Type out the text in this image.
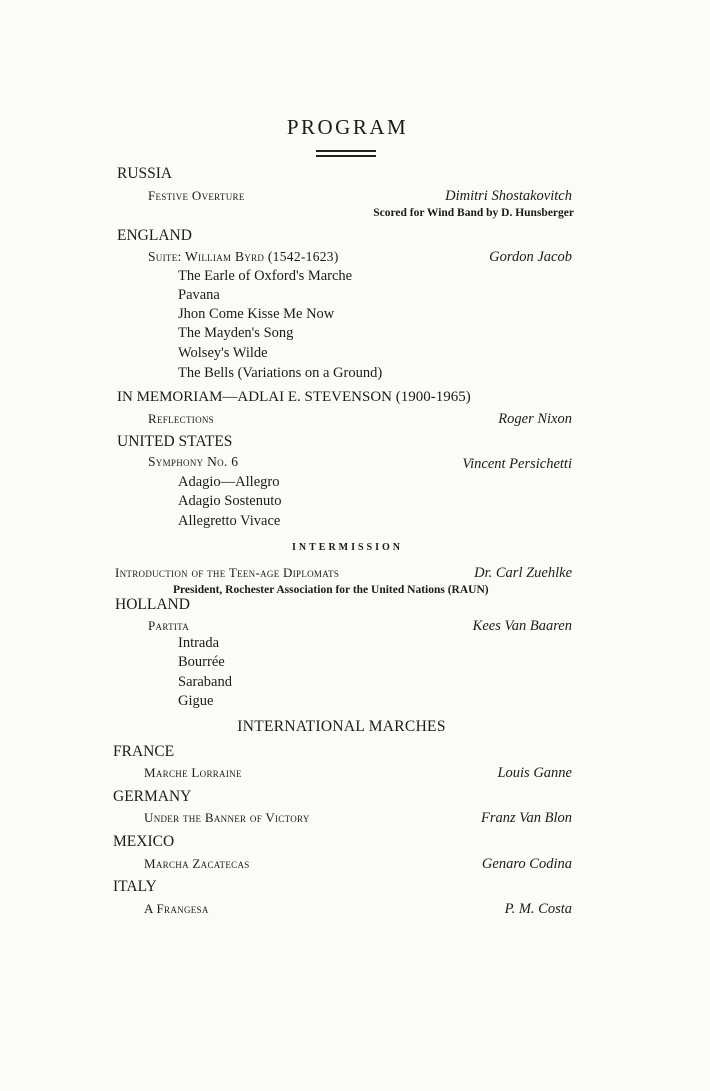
PROGRAM
RUSSIA
Festive Overture	Dimitri Shostakovitch
Scored for Wind Band by D. Hunsberger
ENGLAND
Suite: William Byrd (1542-1623)	Gordon Jacob
The Earle of Oxford's Marche
Pavana
Jhon Come Kisse Me Now
The Mayden's Song
Wolsey's Wilde
The Bells (Variations on a Ground)
IN MEMORIAM—ADLAI E. STEVENSON (1900-1965)
Reflections	Roger Nixon
UNITED STATES
Symphony No. 6	Vincent Persichetti
Adagio—Allegro
Adagio Sostenuto
Allegretto Vivace
INTERMISSION
Introduction of the Teen-age Diplomats	Dr. Carl Zuehlke
President, Rochester Association for the United Nations (RAUN)
HOLLAND
Partita	Kees Van Baaren
Intrada
Bourrée
Saraband
Gigue
INTERNATIONAL MARCHES
FRANCE
Marche Lorraine	Louis Ganne
GERMANY
Under the Banner of Victory	Franz Van Blon
MEXICO
Marcha Zacatecas	Genaro Codina
ITALY
A Frangesa	P. M. Costa
